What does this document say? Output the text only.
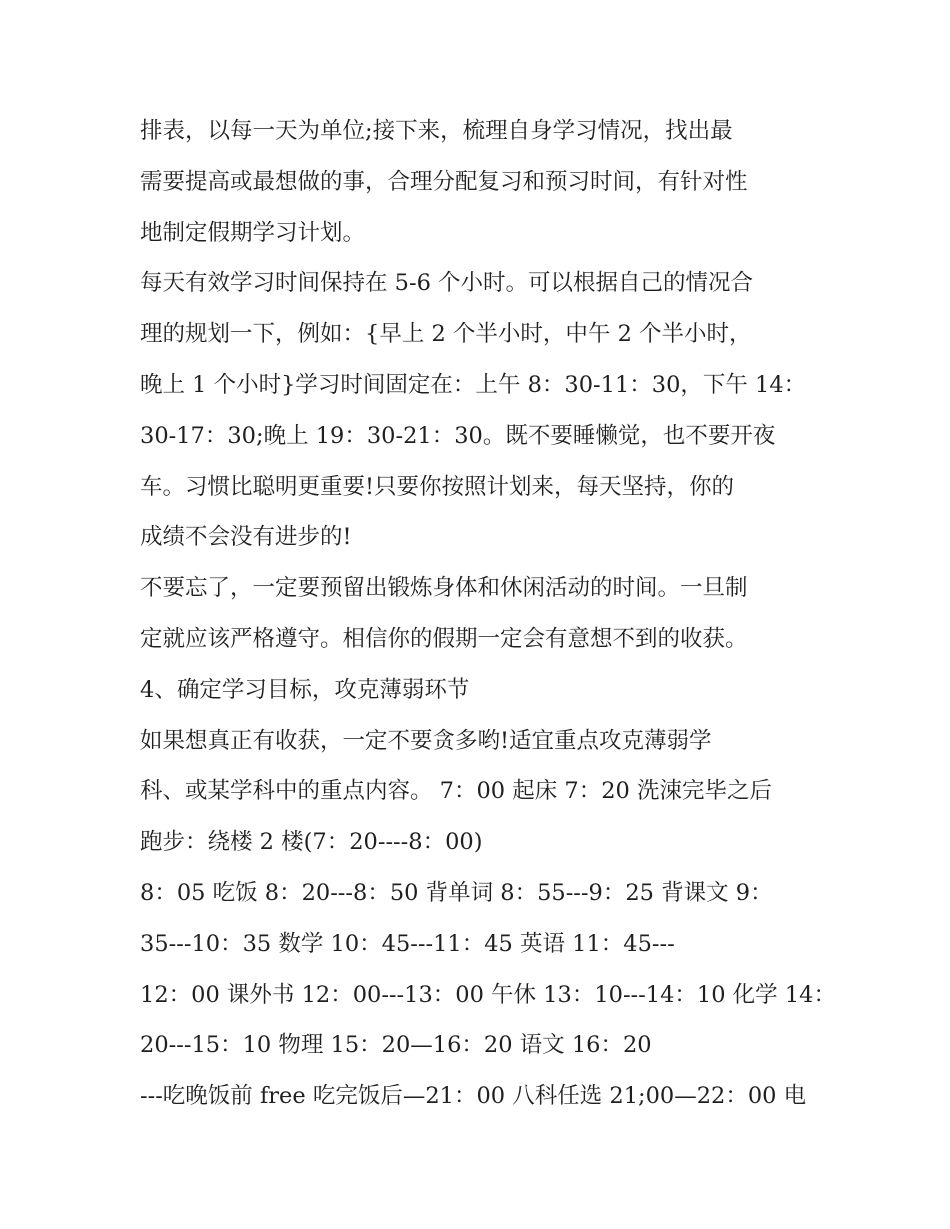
排表，以每一天为单位;接下来，梳理自身学习情况，找出最
需要提高或最想做的事，合理分配复习和预习时间，有针对性
地制定假期学习计划。
每天有效学习时间保持在 5-6 个小时。可以根据自己的情况合
理的规划一下，例如：{早上 2 个半小时，中午 2 个半小时，
晚上 1 个小时}学习时间固定在：上午 8：30-11：30，下午 14：
30-17：30;晚上 19：30-21：30。既不要睡懒觉，也不要开夜
车。习惯比聪明更重要!只要你按照计划来，每天坚持，你的
成绩不会没有进步的!
不要忘了，一定要预留出锻炼身体和休闲活动的时间。一旦制
定就应该严格遵守。相信你的假期一定会有意想不到的收获。
4、确定学习目标，攻克薄弱环节
如果想真正有收获，一定不要贪多哟!适宜重点攻克薄弱学
科、或某学科中的重点内容。 7：00 起床 7：20 洗涑完毕之后
跑步：绕楼 2 楼(7：20----8：00)
8：05 吃饭 8：20---8：50 背单词 8：55---9：25 背课文 9：
35---10：35 数学 10：45---11：45 英语 11：45---
12：00 课外书 12：00---13：00 午休 13：10---14：10 化学 14：
20---15：10 物理 15：20—16：20 语文 16：20
---吃晚饭前 free 吃完饭后—21：00 八科任选 21;00—22：00 电
